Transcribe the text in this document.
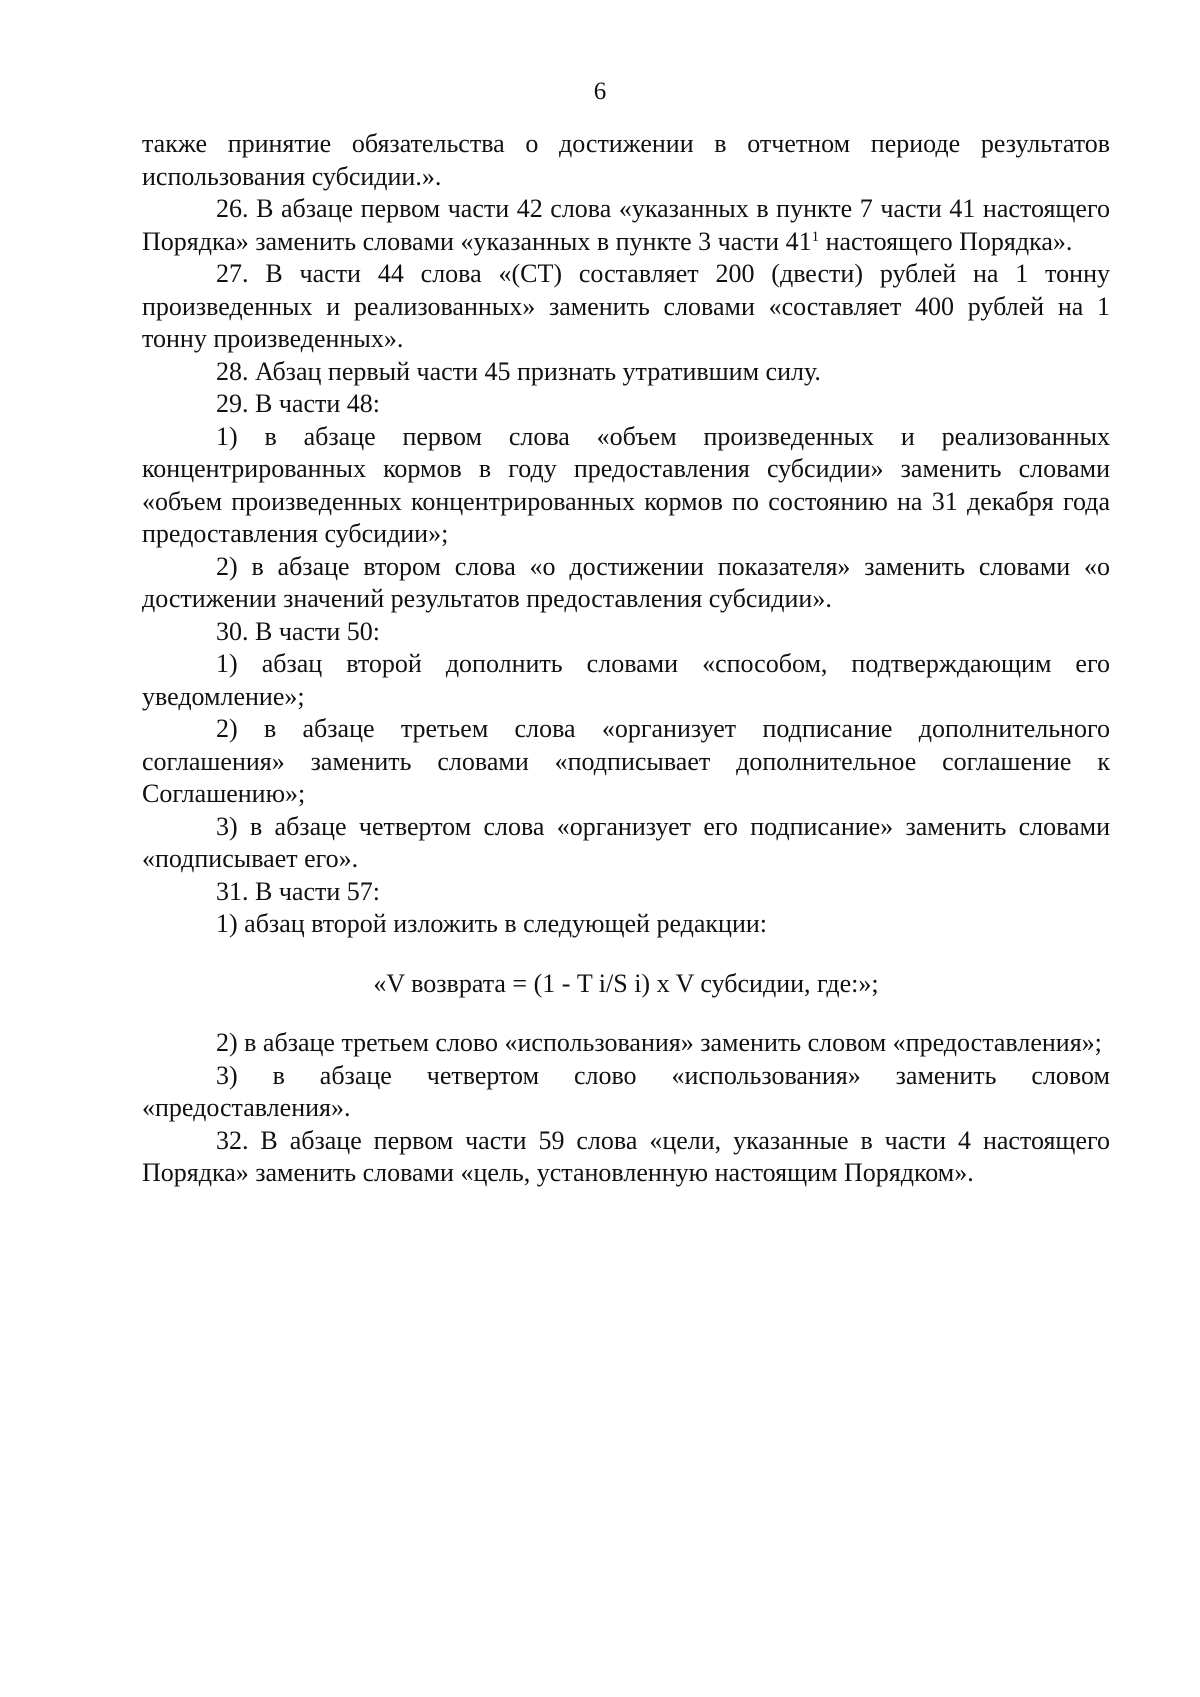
6

также принятие обязательства о достижении в отчетном периоде результатов использования субсидии.».

26. В абзаце первом части 42 слова «указанных в пункте 7 части 41 настоящего Порядка» заменить словами «указанных в пункте 3 части $41^1$ настоящего Порядка».

27. В части 44 слова «(СТ) составляет 200 (двести) рублей на 1 тонну произведенных и реализованных» заменить словами «составляет 400 рублей на 1 тонну произведенных».

28. Абзац первый части 45 признать утратившим силу.

29. В части 48:

1) в абзаце первом слова «объем произведенных и реализованных концентрированных кормов в году предоставления субсидии» заменить словами «объем произведенных концентрированных кормов по состоянию на 31 декабря года предоставления субсидии»;

2) в абзаце втором слова «о достижении показателя» заменить словами «о достижении значений результатов предоставления субсидии».

30. В части 50:

1) абзац второй дополнить словами «способом, подтверждающим его уведомление»;

2) в абзаце третьем слова «организует подписание дополнительного соглашения» заменить словами «подписывает дополнительное соглашение к Соглашению»;

3) в абзаце четвертом слова «организует его подписание» заменить словами «подписывает его».

31. В части 57:

1) абзац второй изложить в следующей редакции:

«V возврата = (1 - T i/S i) x V субсидии, где:»;

2) в абзаце третьем слово «использования» заменить словом «предоставления»;

3) в абзаце четвертом слово «использования» заменить словом «предоставления».

32. В абзаце первом части 59 слова «цели, указанные в части 4 настоящего Порядка» заменить словами «цель, установленную настоящим Порядком».
